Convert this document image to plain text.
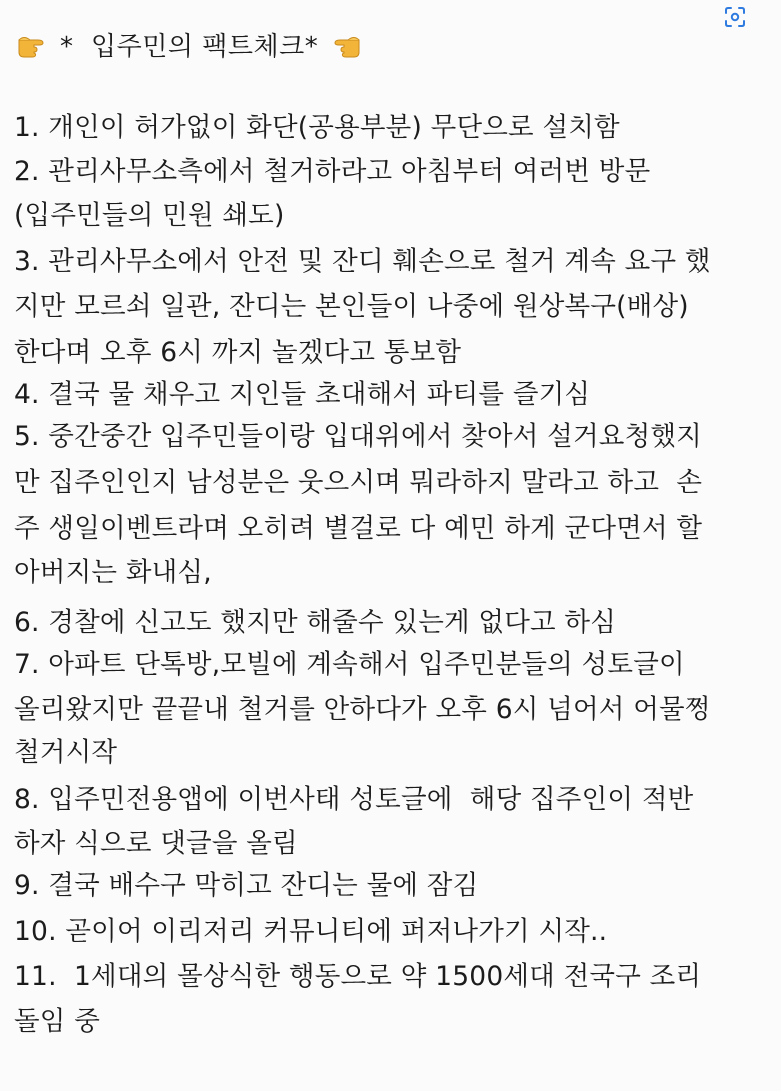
*  입주민의 팩트체크*
1. 개인이 허가없이 화단(공용부분) 무단으로 설치함
2. 관리사무소측에서 철거하라고 아침부터 여러번 방문
(입주민들의 민원 쇄도)
3. 관리사무소에서 안전 및 잔디 훼손으로 철거 계속 요구 했
지만 모르쇠 일관, 잔디는 본인들이 나중에 원상복구(배상)
한다며 오후 6시 까지 놀겠다고 통보함
4. 결국 물 채우고 지인들 초대해서 파티를 즐기심
5. 중간중간 입주민들이랑 입대위에서 찾아서 설거요청했지
만 집주인인지 남성분은 웃으시며 뭐라하지 말라고 하고  손
주 생일이벤트라며 오히려 별걸로 다 예민 하게 군다면서 할
아버지는 화내심,
6. 경찰에 신고도 했지만 해줄수 있는게 없다고 하심
7. 아파트 단톡방,모빌에 계속해서 입주민분들의 성토글이
올리왔지만 끝끝내 철거를 안하다가 오후 6시 넘어서 어물쩡
철거시작
8. 입주민전용앱에 이번사태 성토글에  해당 집주인이 적반
하자 식으로 댓글을 올림
9. 결국 배수구 막히고 잔디는 물에 잠김
10. 곧이어 이리저리 커뮤니티에 퍼저나가기 시작..
11.  1세대의 몰상식한 행동으로 약 1500세대 전국구 조리
돌임 중
